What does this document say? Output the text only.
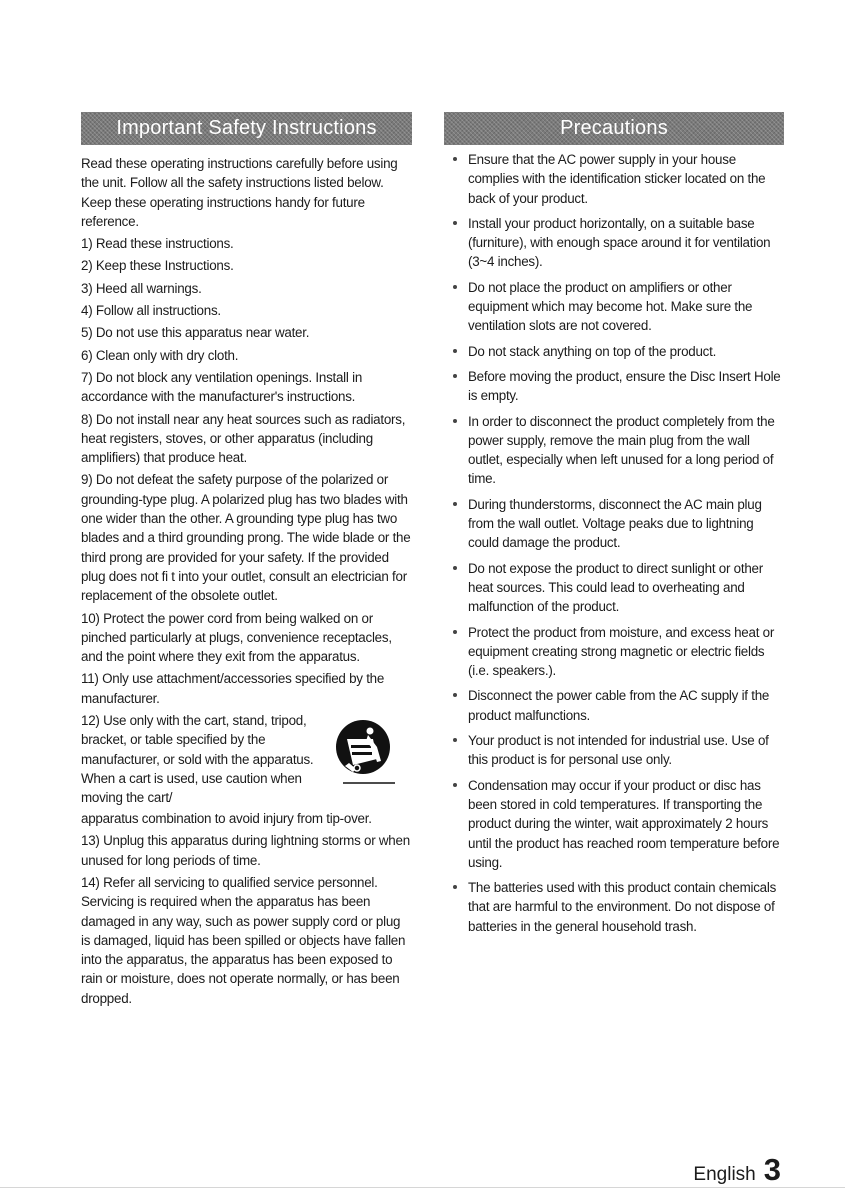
Important Safety Instructions	Precautions

Read these operating instructions carefully before using the unit. Follow all the safety instructions listed below. Keep these operating instructions handy for future reference.

1) Read these instructions.

2) Keep these Instructions.

3) Heed all warnings.

4) Follow all instructions.

5) Do not use this apparatus near water.

6) Clean only with dry cloth.

7) Do not block any ventilation openings. Install in accordance with the manufacturer's instructions.

8) Do not install near any heat sources such as radiators, heat registers, stoves, or other apparatus (including amplifiers) that produce heat.

9) Do not defeat the safety purpose of the polarized or grounding-type plug. A polarized plug has two blades with one wider than the other. A grounding type plug has two blades and a third grounding prong. The wide blade or the third prong are provided for your safety. If the provided plug does not fi t into your outlet, consult an electrician for replacement of the obsolete outlet.

10) Protect the power cord from being walked on or pinched particularly at plugs, convenience receptacles, and the point where they exit from the apparatus.

11) Only use attachment/accessories specified by the manufacturer.

12) Use only with the cart, stand, tripod, bracket, or table specified by the manufacturer, or sold with the apparatus. When a cart is used, use caution when moving the cart/

apparatus combination to avoid injury from tip-over.

13) Unplug this apparatus during lightning storms or when unused for long periods of time.

14) Refer all servicing to qualified service personnel. Servicing is required when the apparatus has been damaged in any way, such as power supply cord or plug is damaged, liquid has been spilled or objects have fallen into the apparatus, the apparatus has been exposed to rain or moisture, does not operate normally, or has been dropped.

Ensure that the AC power supply in your house complies with the identification sticker located on the back of your product.
Install your product horizontally, on a suitable base (furniture), with enough space around it for ventilation (3~4 inches).
Do not place the product on amplifiers or other equipment which may become hot. Make sure the ventilation slots are not covered.
Do not stack anything on top of the product.
Before moving the product, ensure the Disc Insert Hole is empty.
In order to disconnect the product completely from the power supply, remove the main plug from the wall outlet, especially when left unused for a long period of time.
During thunderstorms, disconnect the AC main plug from the wall outlet. Voltage peaks due to lightning could damage the product.
Do not expose the product to direct sunlight or other heat sources. This could lead to overheating and malfunction of the product.
Protect the product from moisture, and excess heat or equipment creating strong magnetic or electric fields (i.e. speakers.).
Disconnect the power cable from the AC supply if the product malfunctions.
Your product is not intended for industrial use. Use of this product is for personal use only.
Condensation may occur if your product or disc has been stored in cold temperatures. If transporting the product during the winter, wait approximately 2 hours until the product has reached room temperature before using.
The batteries used with this product contain chemicals that are harmful to the environment. Do not dispose of batteries in the general household trash.
English 3
